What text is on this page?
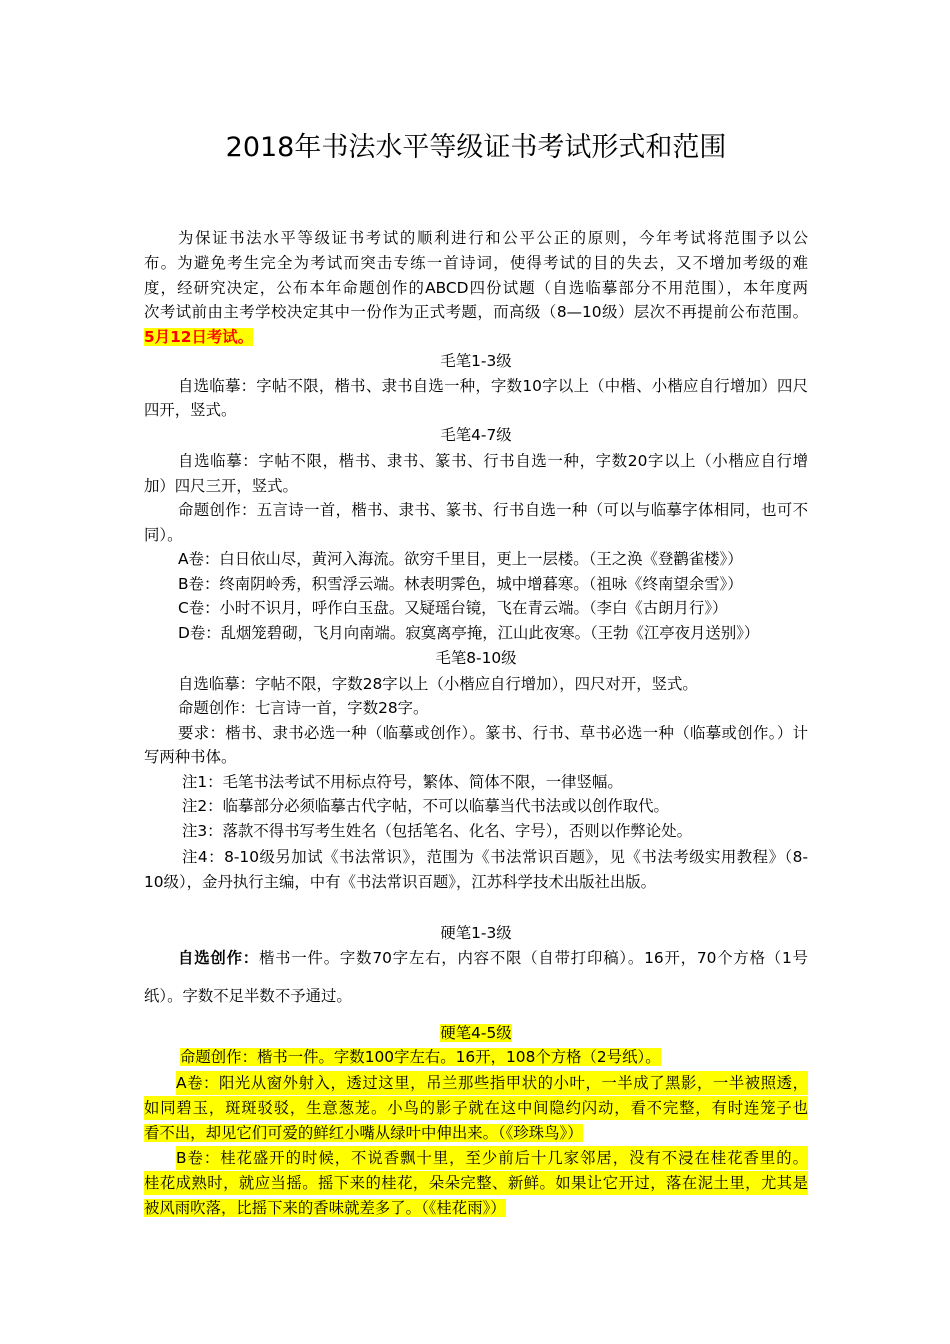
2018年书法水平等级证书考试形式和范围
为保证书法水平等级证书考试的顺利进行和公平公正的原则，今年考试将范围予以公
布。为避免考生完全为考试而突击专练一首诗词，使得考试的目的失去，又不增加考级的难
度，经研究决定，公布本年命题创作的ABCD四份试题（自选临摹部分不用范围），本年度两
次考试前由主考学校决定其中一份作为正式考题，而高级（8—10级）层次不再提前公布范围。
5月12日考试。
毛笔1-3级
自选临摹：字帖不限，楷书、隶书自选一种，字数10字以上（中楷、小楷应自行增加）四尺
四开，竖式。
毛笔4-7级
自选临摹：字帖不限，楷书、隶书、篆书、行书自选一种，字数20字以上（小楷应自行增
加）四尺三开，竖式。
命题创作：五言诗一首，楷书、隶书、篆书、行书自选一种（可以与临摹字体相同，也可不
同）。
A卷：白日依山尽，黄河入海流。欲穷千里目，更上一层楼。（王之涣《登鹳雀楼》）
B卷：终南阴岭秀，积雪浮云端。林表明霁色，城中增暮寒。（祖咏《终南望余雪》）
C卷：小时不识月，呼作白玉盘。又疑瑶台镜，飞在青云端。（李白《古朗月行》）
D卷：乱烟笼碧砌，飞月向南端。寂寞离亭掩，江山此夜寒。（王勃《江亭夜月送别》）
毛笔8-10级
自选临摹：字帖不限，字数28字以上（小楷应自行增加），四尺对开，竖式。
命题创作：七言诗一首，字数28字。
要求：楷书、隶书必选一种（临摹或创作）。篆书、行书、草书必选一种（临摹或创作。）计
写两种书体。
注1：毛笔书法考试不用标点符号，繁体、简体不限，一律竖幅。
注2：临摹部分必须临摹古代字帖，不可以临摹当代书法或以创作取代。
注3：落款不得书写考生姓名（包括笔名、化名、字号），否则以作弊论处。
注4：8-10级另加试《书法常识》，范围为《书法常识百题》，见《书法考级实用教程》（8-
10级），金丹执行主编，中有《书法常识百题》，江苏科学技术出版社出版。
硬笔1-3级
自选创作：楷书一件。字数70字左右，内容不限（自带打印稿）。16开，70个方格（1号
纸）。字数不足半数不予通过。
硬笔4-5级
命题创作：楷书一件。字数100字左右。16开，108个方格（2号纸）。
A卷：阳光从窗外射入，透过这里，吊兰那些指甲状的小叶，一半成了黑影，一半被照透，
如同碧玉，斑斑驳驳，生意葱茏。小鸟的影子就在这中间隐约闪动，看不完整，有时连笼子也
看不出，却见它们可爱的鲜红小嘴从绿叶中伸出来。（《珍珠鸟》）
B卷：桂花盛开的时候，不说香飘十里，至少前后十几家邻居，没有不浸在桂花香里的。
桂花成熟时，就应当摇。摇下来的桂花，朵朵完整、新鲜。如果让它开过，落在泥土里，尤其是
被风雨吹落，比摇下来的香味就差多了。（《桂花雨》）
